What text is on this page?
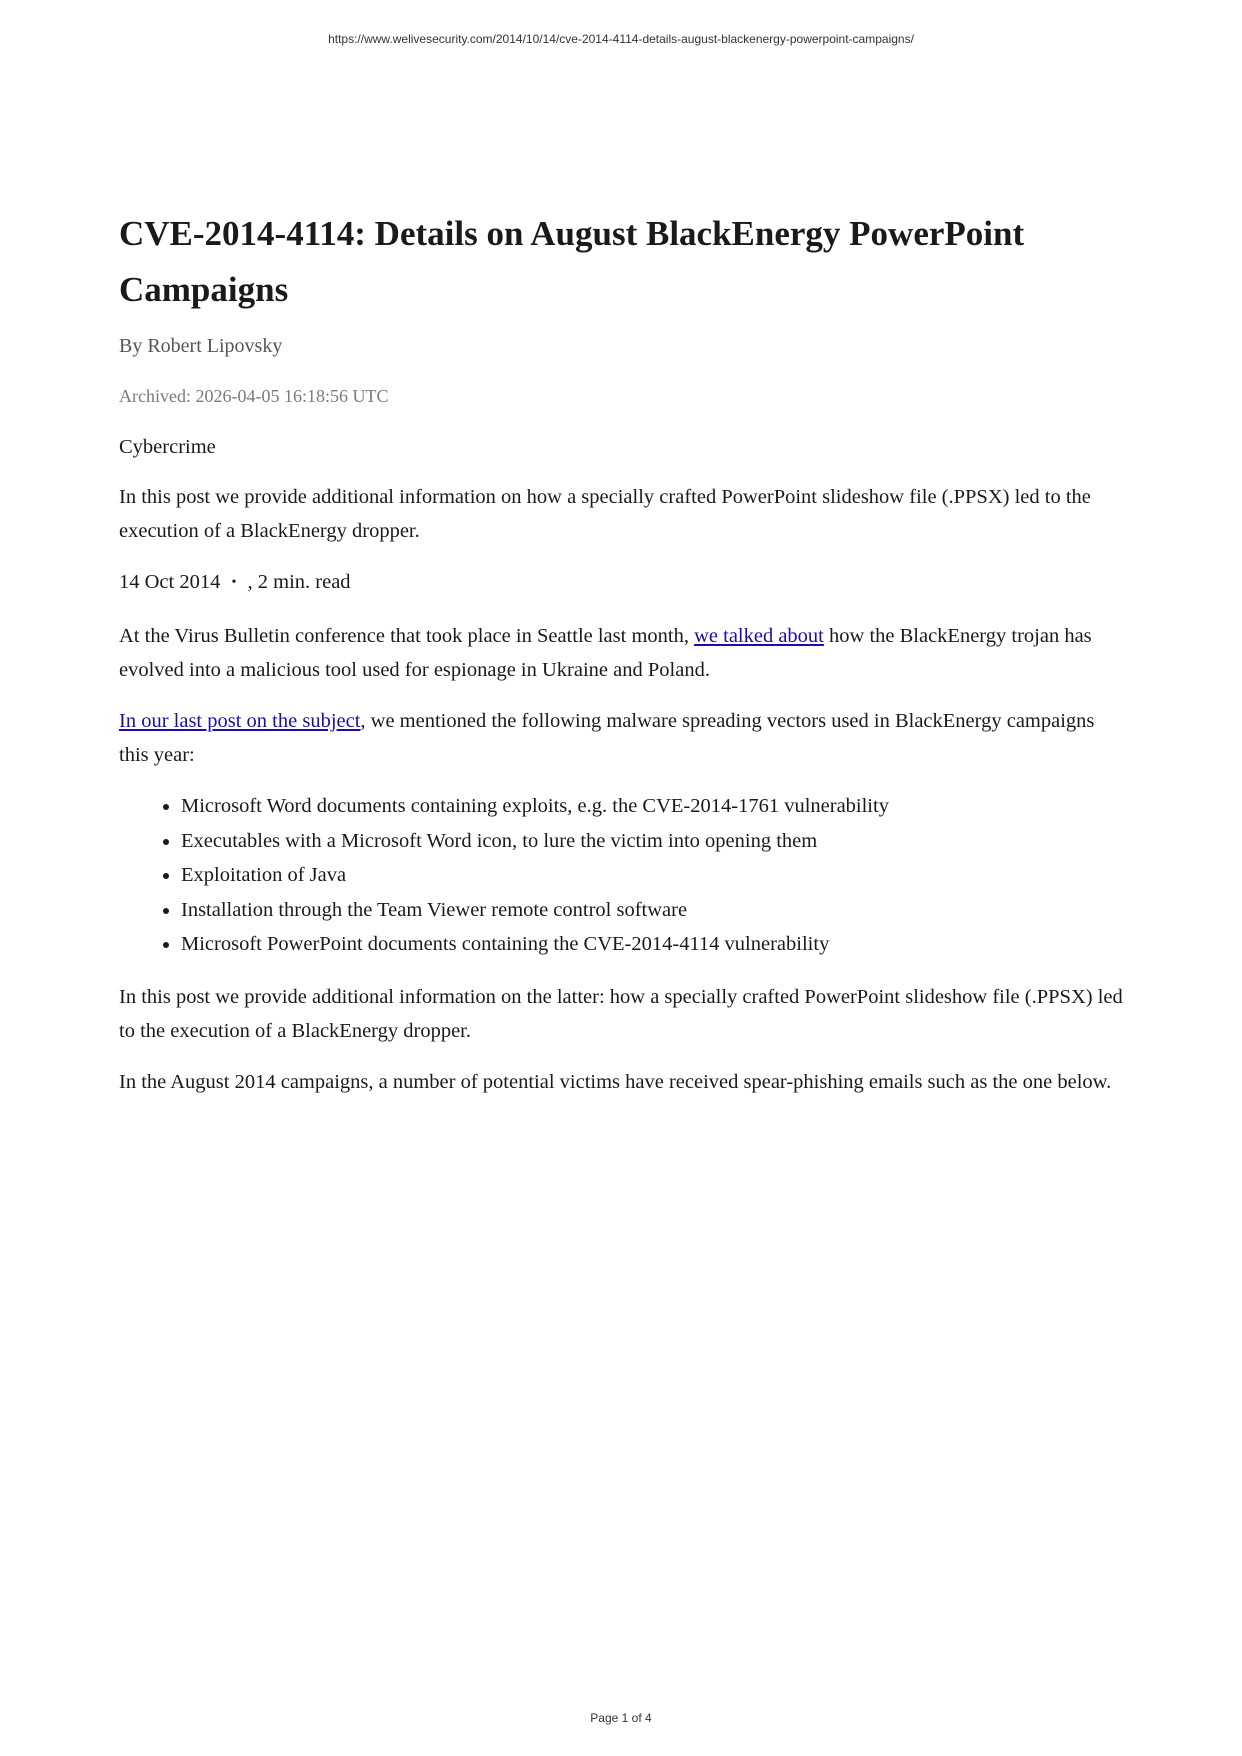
https://www.welivesecurity.com/2014/10/14/cve-2014-4114-details-august-blackenergy-powerpoint-campaigns/
CVE-2014-4114: Details on August BlackEnergy PowerPoint Campaigns
By Robert Lipovsky
Archived: 2026-04-05 16:18:56 UTC
Cybercrime

In this post we provide additional information on how a specially crafted PowerPoint slideshow file (.PPSX) led to the execution of a BlackEnergy dropper.

14 Oct 2014 • , 2 min. read

At the Virus Bulletin conference that took place in Seattle last month, we talked about how the BlackEnergy trojan has evolved into a malicious tool used for espionage in Ukraine and Poland.

In our last post on the subject, we mentioned the following malware spreading vectors used in BlackEnergy campaigns this year:

• Microsoft Word documents containing exploits, e.g. the CVE-2014-1761 vulnerability
• Executables with a Microsoft Word icon, to lure the victim into opening them
• Exploitation of Java
• Installation through the Team Viewer remote control software
• Microsoft PowerPoint documents containing the CVE-2014-4114 vulnerability

In this post we provide additional information on the latter: how a specially crafted PowerPoint slideshow file (.PPSX) led to the execution of a BlackEnergy dropper.

In the August 2014 campaigns, a number of potential victims have received spear-phishing emails such as the one below.

Page 1 of 4
